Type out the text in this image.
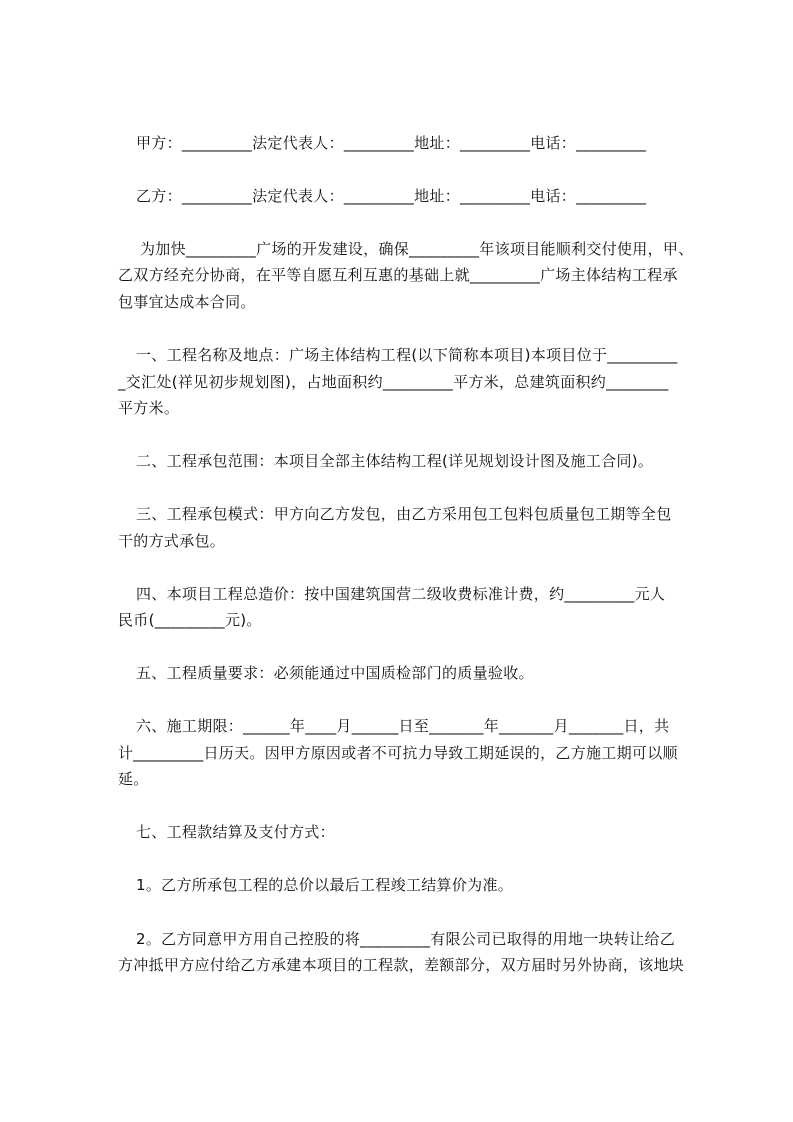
甲方：_________法定代表人：_________地址：_________电话：_________
乙方：_________法定代表人：_________地址：_________电话：_________
为加快_________广场的开发建设，确保_________年该项目能顺利交付使用，甲、
乙双方经充分协商，在平等自愿互利互惠的基础上就_________广场主体结构工程承
包事宜达成本合同。
一、工程名称及地点：广场主体结构工程(以下简称本项目)本项目位于_________
_交汇处(祥见初步规划图)，占地面积约_________平方米，总建筑面积约________
平方米。
二、工程承包范围：本项目全部主体结构工程(详见规划设计图及施工合同)。
三、工程承包模式：甲方向乙方发包，由乙方采用包工包料包质量包工期等全包
干的方式承包。
四、本项目工程总造价：按中国建筑国营二级收费标准计费，约_________元人
民币(_________元)。
五、工程质量要求：必须能通过中国质检部门的质量验收。
六、施工期限：______年____月______日至_______年_______月_______日，共
计_________日历天。因甲方原因或者不可抗力导致工期延误的，乙方施工期可以顺
延。
七、工程款结算及支付方式：
1。乙方所承包工程的总价以最后工程竣工结算价为准。
2。乙方同意甲方用自己控股的将_________有限公司已取得的用地一块转让给乙
方冲抵甲方应付给乙方承建本项目的工程款，差额部分，双方届时另外协商，该地块
